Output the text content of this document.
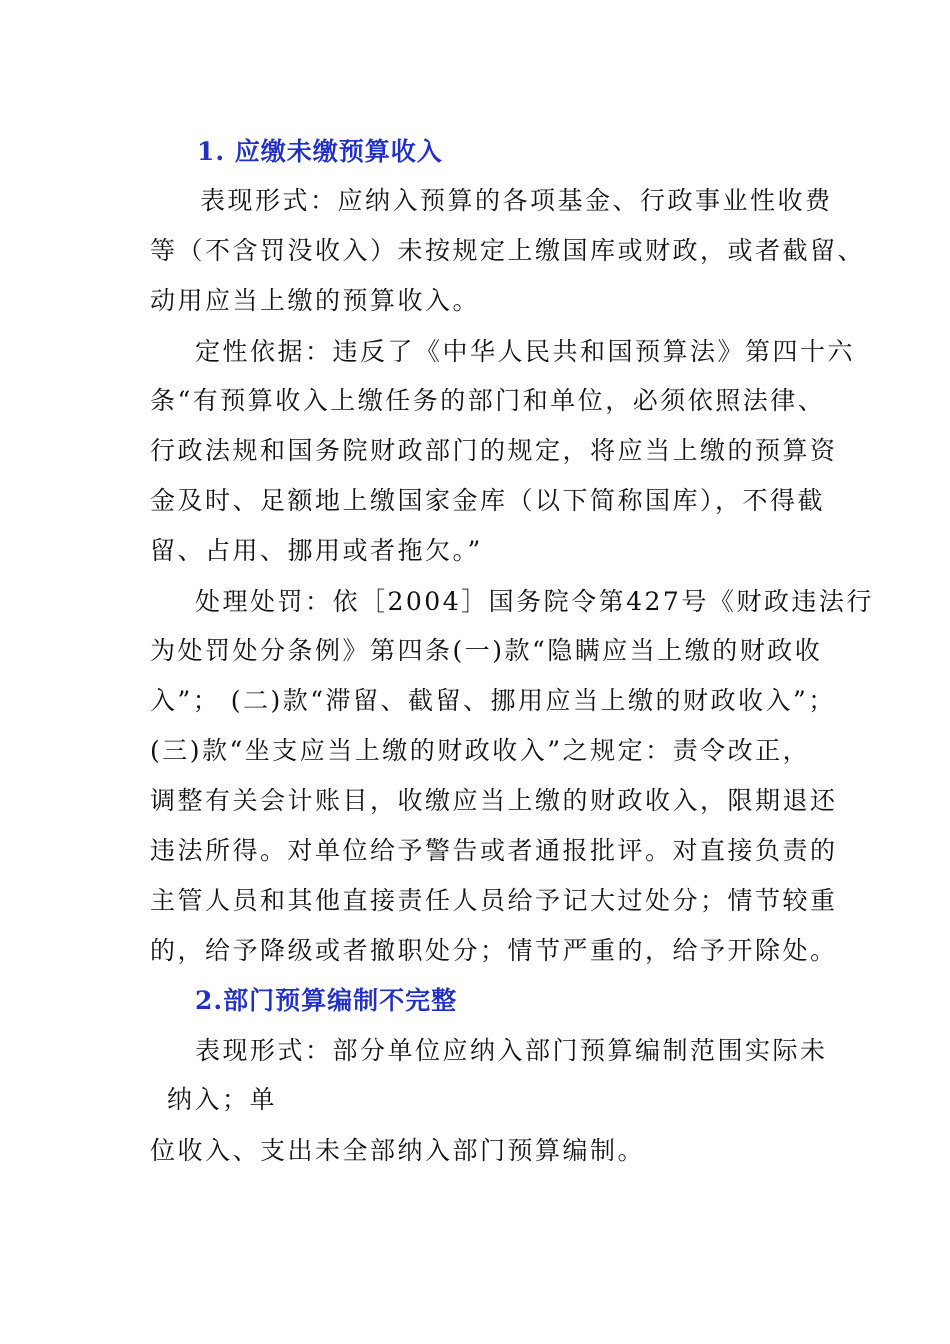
1. 应缴未缴预算收入

表现形式：应纳入预算的各项基金、行政事业性收费

等（不含罚没收入）未按规定上缴国库或财政，或者截留、

动用应当上缴的预算收入。

定性依据：违反了《中华人民共和国预算法》第四十六

条“有预算收入上缴任务的部门和单位，必须依照法律、

行政法规和国务院财政部门的规定，将应当上缴的预算资

金及时、足额地上缴国家金库（以下简称国库），不得截

留、占用、挪用或者拖欠。”

处理处罚：依［2004］国务院令第427号《财政违法行

为处罚处分条例》第四条(一)款“隐瞒应当上缴的财政收

入”； (二)款“滞留、截留、挪用应当上缴的财政收入”；

(三)款“坐支应当上缴的财政收入”之规定：责令改正，

调整有关会计账目，收缴应当上缴的财政收入，限期退还

违法所得。对单位给予警告或者通报批评。对直接负责的

主管人员和其他直接责任人员给予记大过处分；情节较重

的，给予降级或者撤职处分；情节严重的，给予开除处。

2.部门预算编制不完整

表现形式：部分单位应纳入部门预算编制范围实际未

纳入；单

位收入、支出未全部纳入部门预算编制。
